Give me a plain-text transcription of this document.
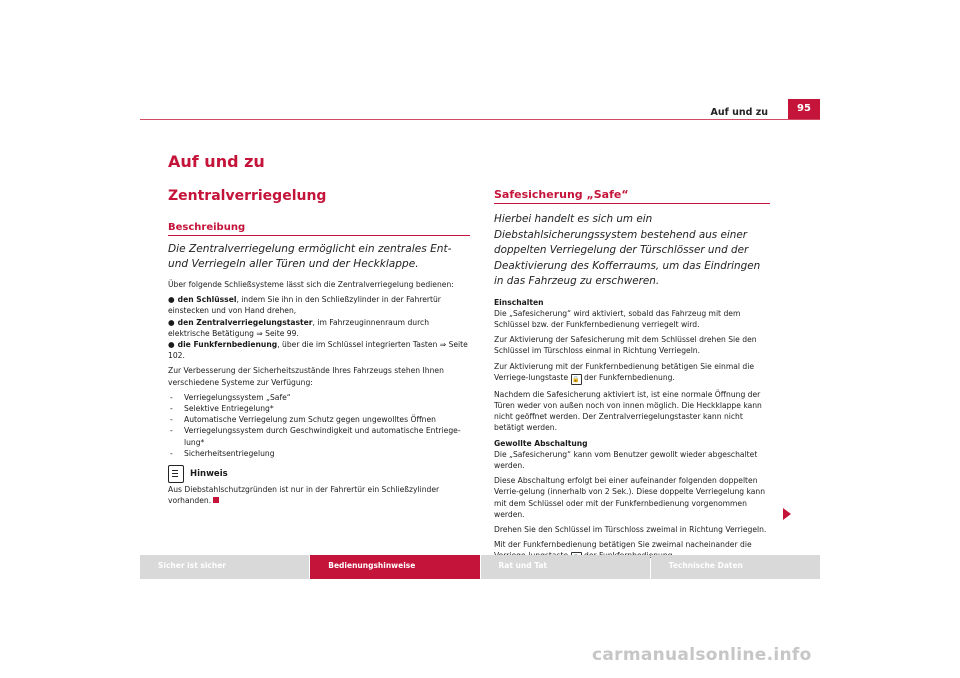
Auf und zu	95
Auf und zu
Zentralverriegelung
Beschreibung

Die Zentralverriegelung ermöglicht ein zentrales Ent- und Verriegeln aller Türen und der Heckklappe.

Über folgende Schließsysteme lässt sich die Zentralverriegelung bedienen:

● den Schlüssel, indem Sie ihn in den Schließzylinder in der Fahrertür einstecken und von Hand drehen,
● den Zentralverriegelungstaster, im Fahrzeuginnenraum durch elektrische Betätigung ⇒ Seite 99.
● die Funkfernbedienung, über die im Schlüssel integrierten Tasten ⇒ Seite 102.

Zur Verbesserung der Sicherheitszustände Ihres Fahrzeugs stehen Ihnen verschiedene Systeme zur Verfügung:

- Verriegelungssystem „Safe“
- Selektive Entriegelung*
- Automatische Verriegelung zum Schutz gegen ungewolltes Öffnen
- Verriegelungssystem durch Geschwindigkeit und automatische Entriege-lung*
- Sicherheitsentriegelung
Hinweis

Aus Diebstahlschutzgründen ist nur in der Fahrertür ein Schließzylinder vorhanden.

Safesicherung „Safe“

Hierbei handelt es sich um ein Diebstahlsicherungssystem bestehend aus einer doppelten Verriegelung der Türschlösser und der Deaktivierung des Kofferraums, um das Eindringen in das Fahrzeug zu erschweren.

Einschalten

Die „Safesicherung“ wird aktiviert, sobald das Fahrzeug mit dem Schlüssel bzw. der Funkfernbedienung verriegelt wird.

Zur Aktivierung der Safesicherung mit dem Schlüssel drehen Sie den Schlüssel im Türschloss einmal in Richtung Verriegeln.

Zur Aktivierung mit der Funkfernbedienung betätigen Sie einmal die Verriege-lungstaste 🔒 der Funkfernbedienung.

Nachdem die Safesicherung aktiviert ist, ist eine normale Öffnung der Türen weder von außen noch von innen möglich. Die Heckklappe kann nicht geöffnet werden. Der Zentralverriegelungstaster kann nicht betätigt werden.

Gewollte Abschaltung

Die „Safesicherung“ kann vom Benutzer gewollt wieder abgeschaltet werden.

Diese Abschaltung erfolgt bei einer aufeinander folgenden doppelten Verrie-gelung (innerhalb von 2 Sek.). Diese doppelte Verriegelung kann mit dem Schlüssel oder mit der Funkfernbedienung vorgenommen werden.

Drehen Sie den Schlüssel im Türschloss zweimal in Richtung Verriegeln.

Mit der Funkfernbedienung betätigen Sie zweimal nacheinander die

Sicher ist sicher	Bedienungshinweise	Rat und Tat	Technische Daten
carmanualsonline.info
